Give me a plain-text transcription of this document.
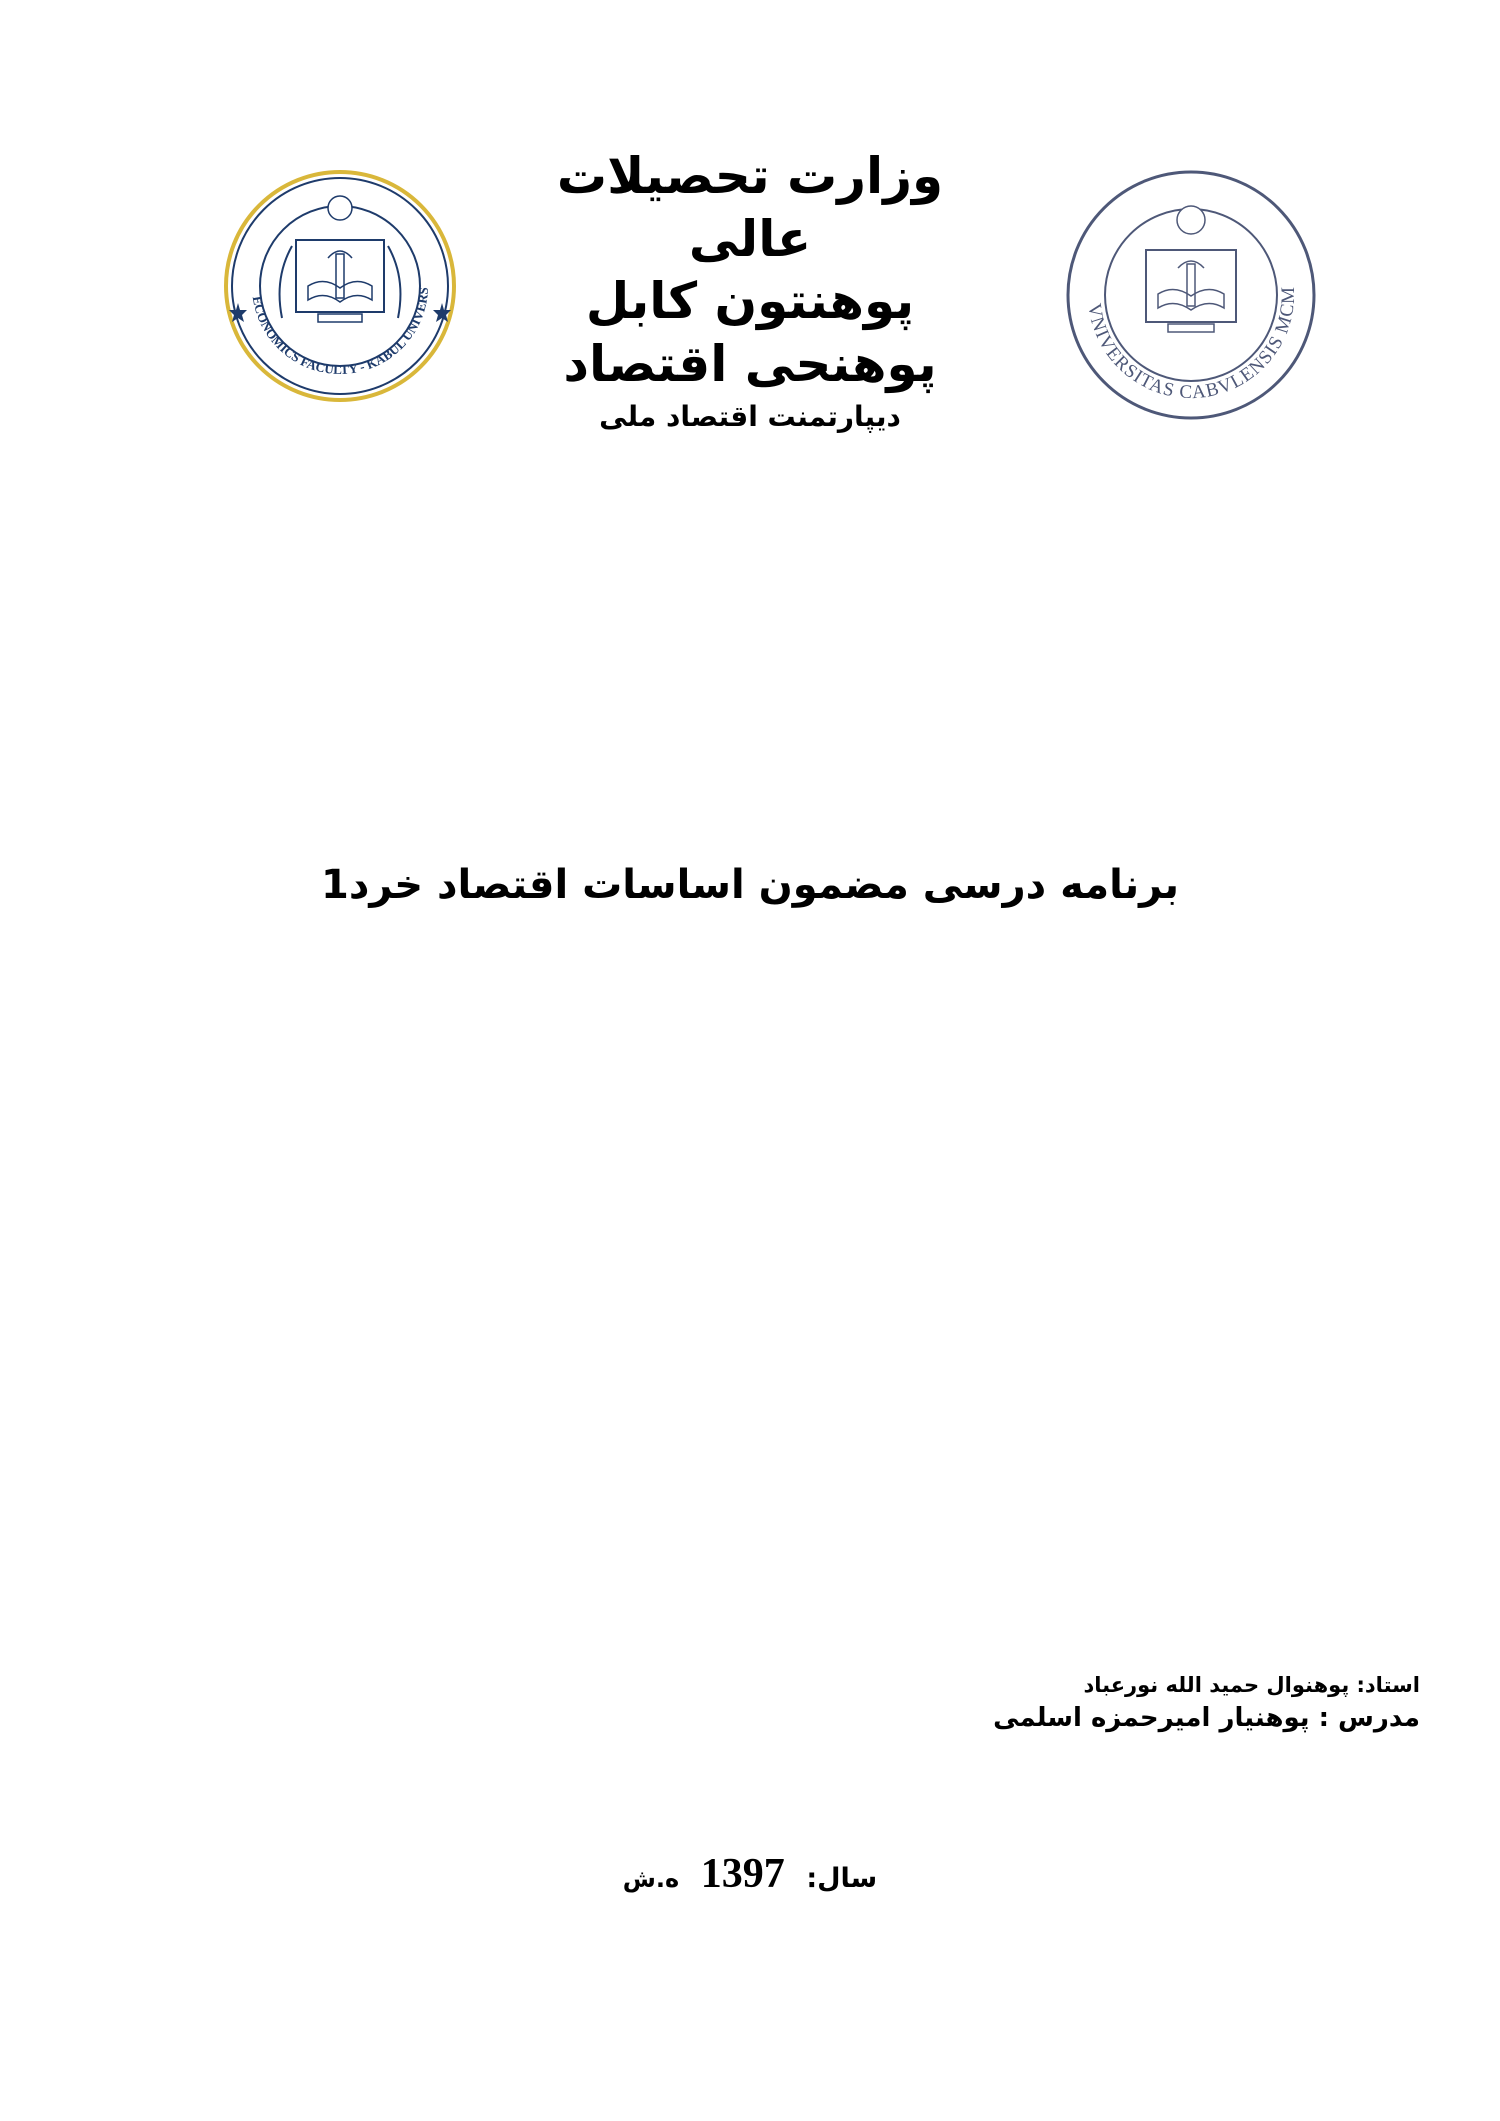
ECONOMICS FACULTY - KABUL UNIVERS
VNIVERSITAS CABVLENSIS MCM
وزارت تحصیلات عالی
پوهنتون کابل
پوهنحی اقتصاد
دیپارتمنت اقتصاد ملی
برنامه درسی مضمون اساسات اقتصاد خرد1
استاد: پوهنوال حمید الله نورعباد
مدرس : پوهنیار امیرحمزه اسلمی
سال: 1397 ه.ش
